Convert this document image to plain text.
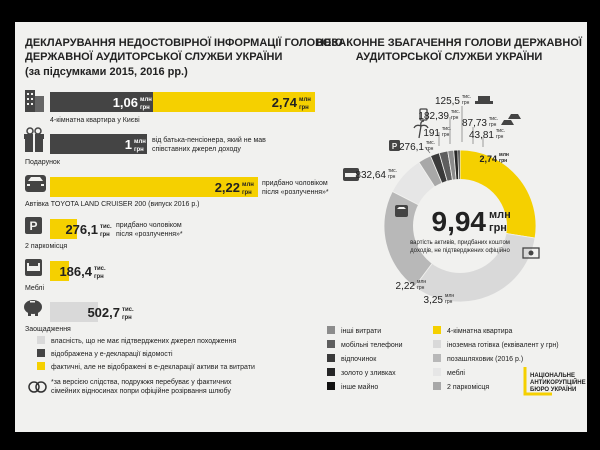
ДЕКЛАРУВАННЯ НЕДОСТОВІРНОЇ ІНФОРМАЦІЇ ГОЛОВОЮ
ДЕРЖАВНОЇ АУДИТОРСЬКОЇ СЛУЖБИ УКРАЇНИ
(за підсумками 2015, 2016 рр.)
1,06 млн
грн	2,74 млн
грн
4-кімнатна квартира у Києві
1 млн
грн
від батька-пенсіонера, який не мав
співставних джерел доходу
Подарунок
2,22 млн
грн
придбано чоловіком
після «розлучення»*
Автівка TOYOTA LAND CRUISER 200 (випуск 2016 р.)
P 276,1 тис.
грн
придбано чоловіком
після «розлучення»*
2 паркомісця
186,4 тис.
грн
Меблі
502,7 тис.
грн
Заощадження
власність, що не має підтверджених джерел походження
відображена у е-декларації відомості
фактичні, але не відображені в е-декларації активи та витрати
*за версією слідства, подружжя перебуває у фактичних
сімейних відносинах попри офіційне розірвання шлюбу
НЕЗАКОННЕ ЗБАГАЧЕННЯ ГОЛОВИ ДЕРЖАВНОЇ
АУДИТОРСЬКОЇ СЛУЖБИ УКРАЇНИ
9,94 млн
грн
вартість активів, придбаних коштом
доходів, не підтверджених офіційно
125,5 тис.
грн
182,39 тис.
грн 87,73 тис.
грн
191 тис.
грн 43,81 тис.
грн
P 276,1 тис.
грн
2,74 млн
грн
832,64 тис.
грн
2,22 млн
грн
3,25 млн
грн
інші витрати	4-кімнатна квартира
мобільні телефони	іноземна готівка (еквівалент у грн)
відпочинок	позашляховик (2016 р.)
золото у зливках	меблі
інше майно	2 паркомісця
НАЦІОНАЛЬНЕ
АНТИКОРУПЦІЙНЕ
БЮРО УКРАЇНИ
